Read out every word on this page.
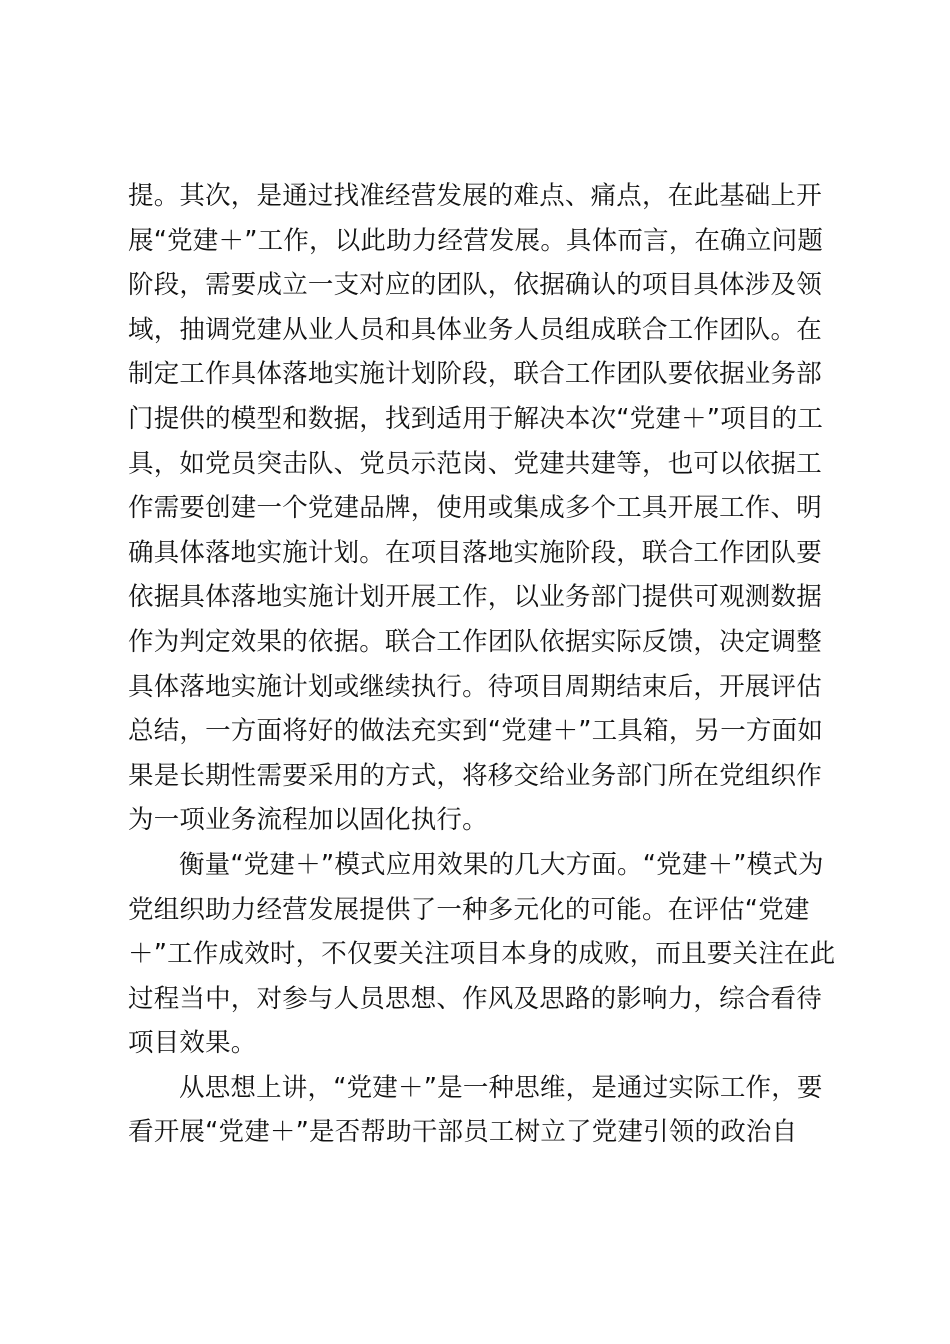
提。其次，是通过找准经营发展的难点、痛点，在此基础上开
展“党建＋”工作，以此助力经营发展。具体而言，在确立问题
阶段，需要成立一支对应的团队，依据确认的项目具体涉及领
域，抽调党建从业人员和具体业务人员组成联合工作团队。在
制定工作具体落地实施计划阶段，联合工作团队要依据业务部
门提供的模型和数据，找到适用于解决本次“党建＋”项目的工
具，如党员突击队、党员示范岗、党建共建等，也可以依据工
作需要创建一个党建品牌，使用或集成多个工具开展工作、明
确具体落地实施计划。在项目落地实施阶段，联合工作团队要
依据具体落地实施计划开展工作，以业务部门提供可观测数据
作为判定效果的依据。联合工作团队依据实际反馈，决定调整
具体落地实施计划或继续执行。待项目周期结束后，开展评估
总结，一方面将好的做法充实到“党建＋”工具箱，另一方面如
果是长期性需要采用的方式，将移交给业务部门所在党组织作
为一项业务流程加以固化执行。
衡量“党建＋”模式应用效果的几大方面。“党建＋”模式为
党组织助力经营发展提供了一种多元化的可能。在评估“党建
＋”工作成效时，不仅要关注项目本身的成败，而且要关注在此
过程当中，对参与人员思想、作风及思路的影响力，综合看待
项目效果。
从思想上讲，“党建＋”是一种思维，是通过实际工作，要
看开展“党建＋”是否帮助干部员工树立了党建引领的政治自
